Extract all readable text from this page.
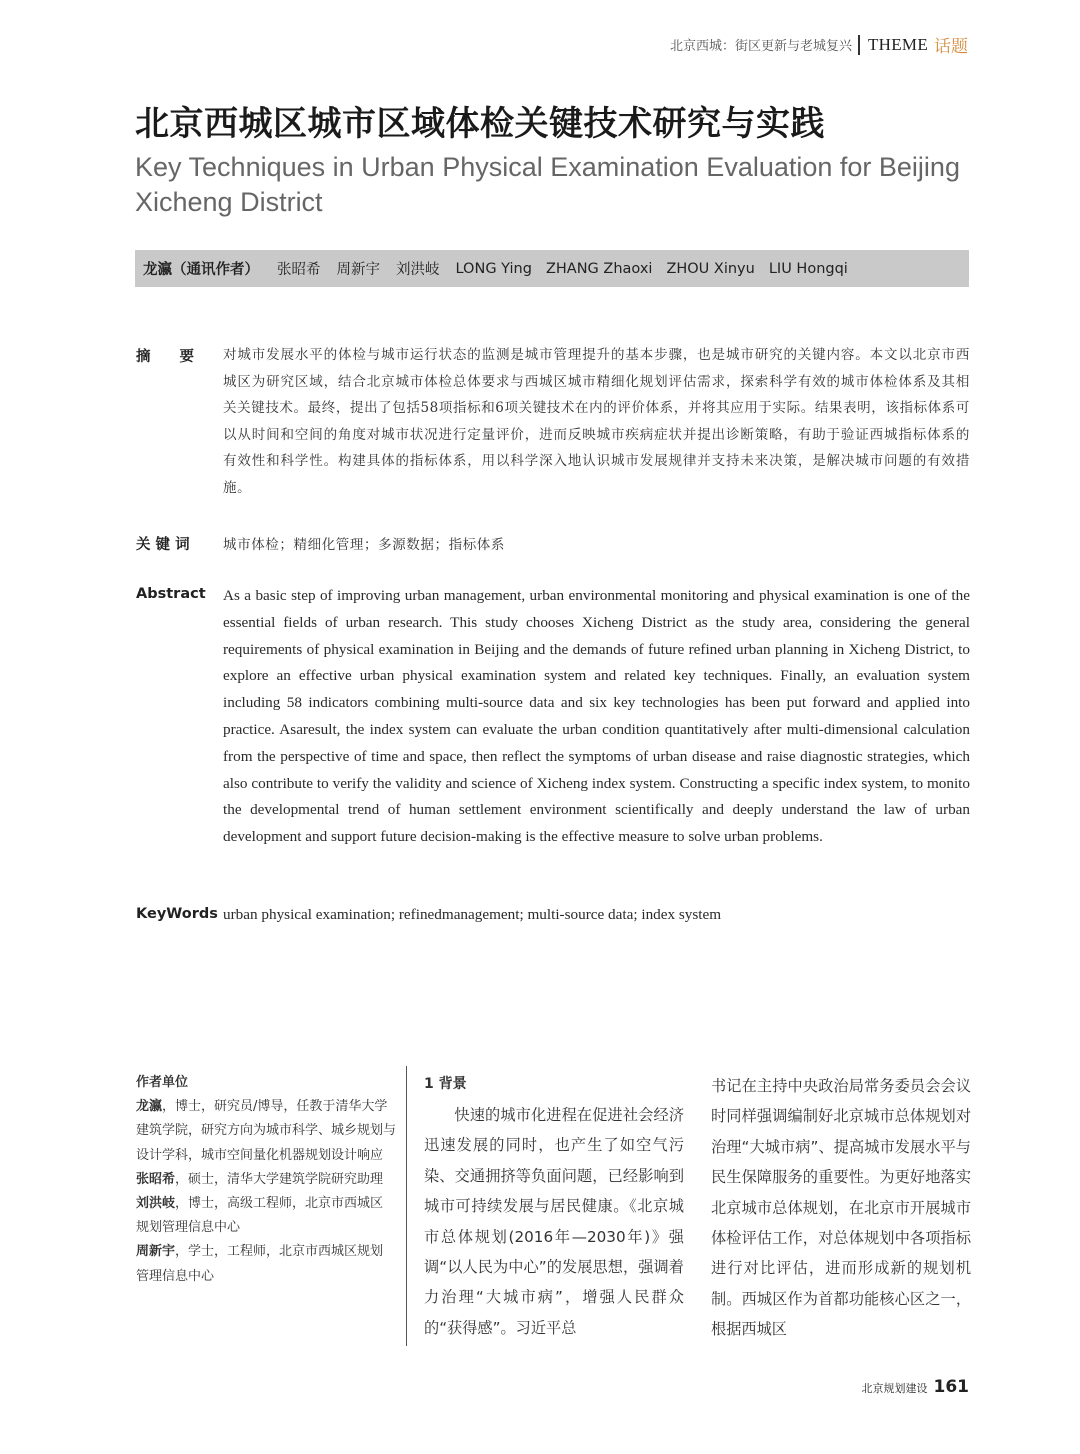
北京西城：街区更新与老城复兴 THEME 话题
北京西城区城市区域体检关键技术研究与实践
Key Techniques in Urban Physical Examination Evaluation for Beijing Xicheng District
龙瀛（通讯作者） 张昭希 周新宇 刘洪岐 LONG Ying ZHANG Zhaoxi ZHOU Xinyu LIU Hongqi
摘　　要 对城市发展水平的体检与城市运行状态的监测是城市管理提升的基本步骤，也是城市研究的关键内容。本文以北京市西城区为研究区域，结合北京城市体检总体要求与西城区城市精细化规划评估需求，探索科学有效的城市体检体系及其相关关键技术。最终，提出了包括58项指标和6项关键技术在内的评价体系，并将其应用于实际。结果表明，该指标体系可以从时间和空间的角度对城市状况进行定量评价，进而反映城市疾病症状并提出诊断策略，有助于验证西城指标体系的有效性和科学性。构建具体的指标体系，用以科学深入地认识城市发展规律并支持未来决策，是解决城市问题的有效措施。
关 键 词 城市体检；精细化管理；多源数据；指标体系
Abstract As a basic step of improving urban management, urban environmental monitoring and physical examination is one of the essential fields of urban research. This study chooses Xicheng District as the study area, considering the general requirements of physical examination in Beijing and the demands of future refined urban planning in Xicheng District, to explore an effective urban physical examination system and related key techniques. Finally, an evaluation system including 58 indicators combining multi-source data and six key technologies has been put forward and applied into practice. Asaresult, the index system can evaluate the urban condition quantitatively after multi-dimensional calculation from the perspective of time and space, then reflect the symptoms of urban disease and raise diagnostic strategies, which also contribute to verify the validity and science of Xicheng index system. Constructing a specific index system, to monito the developmental trend of human settlement environment scientifically and deeply understand the law of urban development and support future decision-making is the effective measure to solve urban problems.
KeyWords urban physical examination; refinedmanagement; multi-source data; index system
作者单位
龙瀛，博士，研究员/博导，任教于清华大学建筑学院，研究方向为城市科学、城乡规划与设计学科，城市空间量化机器规划设计响应
张昭希，硕士，清华大学建筑学院研究助理
刘洪岐，博士，高级工程师，北京市西城区规划管理信息中心
周新宇，学士，工程师，北京市西城区规划管理信息中心
1 背景

快速的城市化进程在促进社会经济迅速发展的同时，也产生了如空气污染、交通拥挤等负面问题，已经影响到城市可持续发展与居民健康。《北京城市总体规划(2016年—2030年)》强调“以人民为中心”的发展思想，强调着力治理“大城市病”，增强人民群众的“获得感”。习近平总

书记在主持中央政治局常务委员会会议时同样强调编制好北京城市总体规划对治理“大城市病”、提高城市发展水平与民生保障服务的重要性。为更好地落实北京城市总体规划，在北京市开展城市体检评估工作，对总体规划中各项指标进行对比评估，进而形成新的规划机制。西城区作为首都功能核心区之一，根据西城区

北京规划建设 161
